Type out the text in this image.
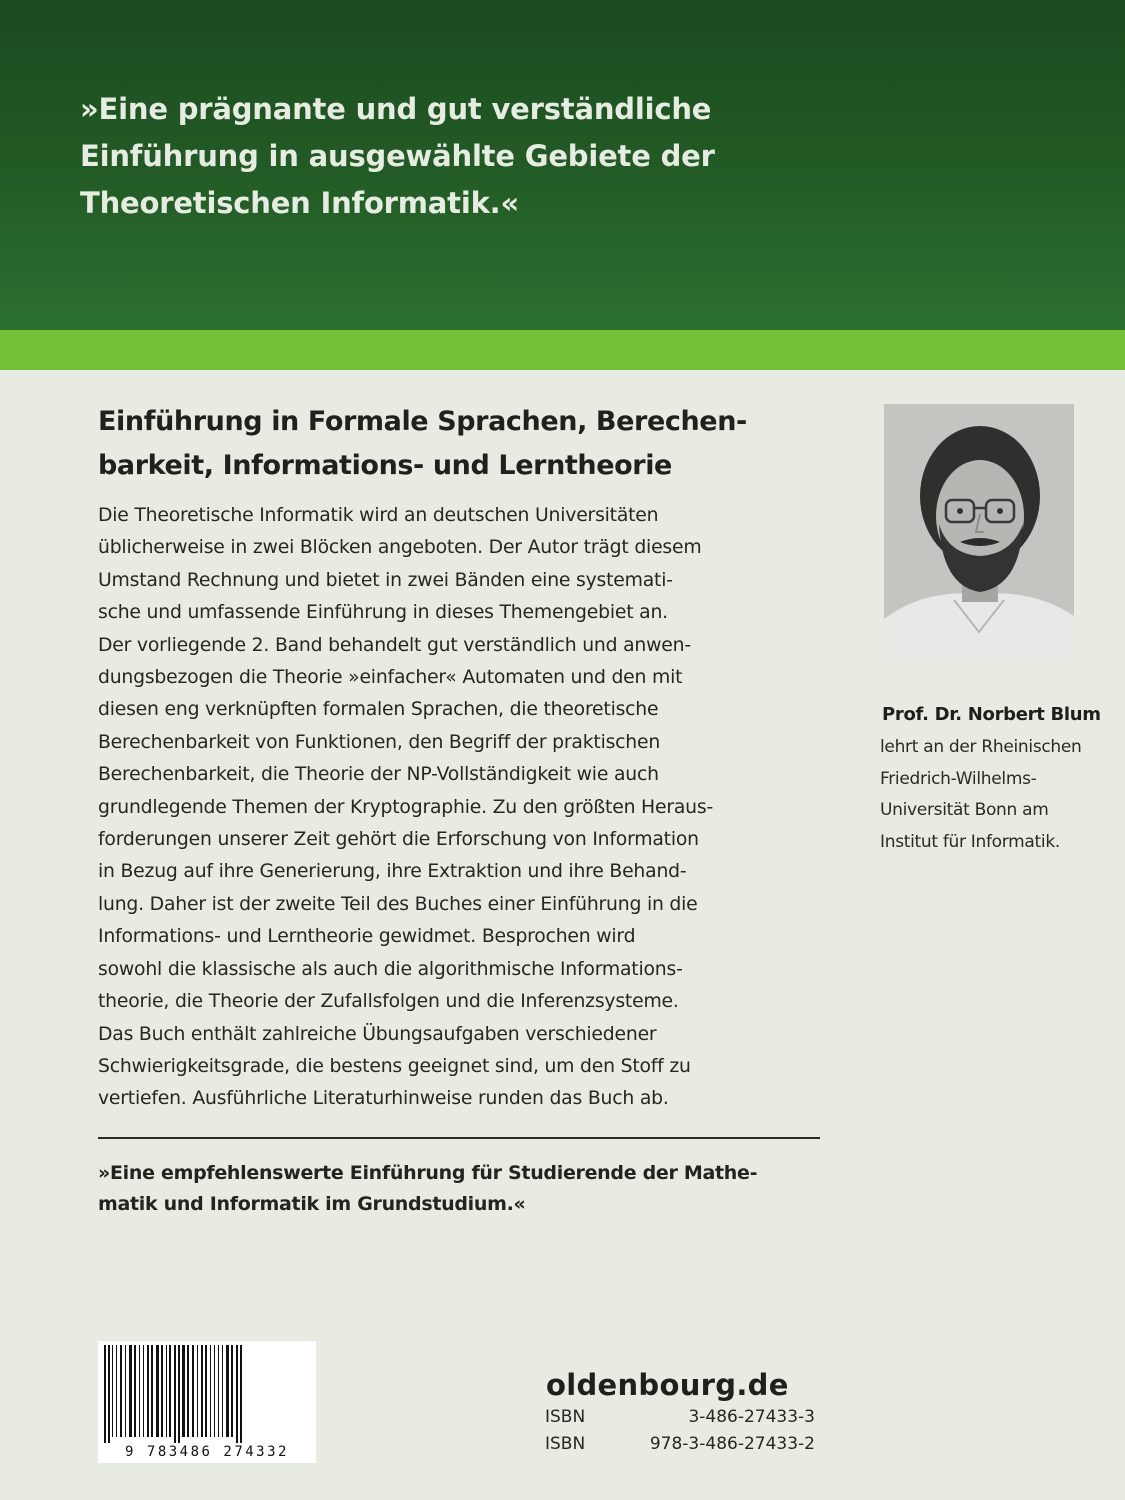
»Eine prägnante und gut verständliche
Einführung in ausgewählte Gebiete der
Theoretischen Informatik.«

Einführung in Formale Sprachen, Berechen-
barkeit, Informations- und Lerntheorie

Die Theoretische Informatik wird an deutschen Universitäten
üblicherweise in zwei Blöcken angeboten. Der Autor trägt diesem
Umstand Rechnung und bietet in zwei Bänden eine systemati-
sche und umfassende Einführung in dieses Themengebiet an.
Der vorliegende 2. Band behandelt gut verständlich und anwen-
dungsbezogen die Theorie »einfacher« Automaten und den mit
diesen eng verknüpften formalen Sprachen, die theoretische
Berechenbarkeit von Funktionen, den Begriff der praktischen
Berechenbarkeit, die Theorie der NP-Vollständigkeit wie auch
grundlegende Themen der Kryptographie. Zu den größten Heraus-
forderungen unserer Zeit gehört die Erforschung von Information
in Bezug auf ihre Generierung, ihre Extraktion und ihre Behand-
lung. Daher ist der zweite Teil des Buches einer Einführung in die
Informations- und Lerntheorie gewidmet. Besprochen wird
sowohl die klassische als auch die algorithmische Informations-
theorie, die Theorie der Zufallsfolgen und die Inferenzsysteme.
Das Buch enthält zahlreiche Übungsaufgaben verschiedener
Schwierigkeitsgrade, die bestens geeignet sind, um den Stoff zu
vertiefen. Ausführliche Literaturhinweise runden das Buch ab.

»Eine empfehlenswerte Einführung für Studierende der Mathe-
matik und Informatik im Grundstudium.«

Prof. Dr. Norbert Blum

lehrt an der Rheinischen
Friedrich-Wilhelms-
Universität Bonn am
Institut für Informatik.

9 783486 274332

oldenbourg.de

ISBN	3-486-27433-3
ISBN	978-3-486-27433-2
